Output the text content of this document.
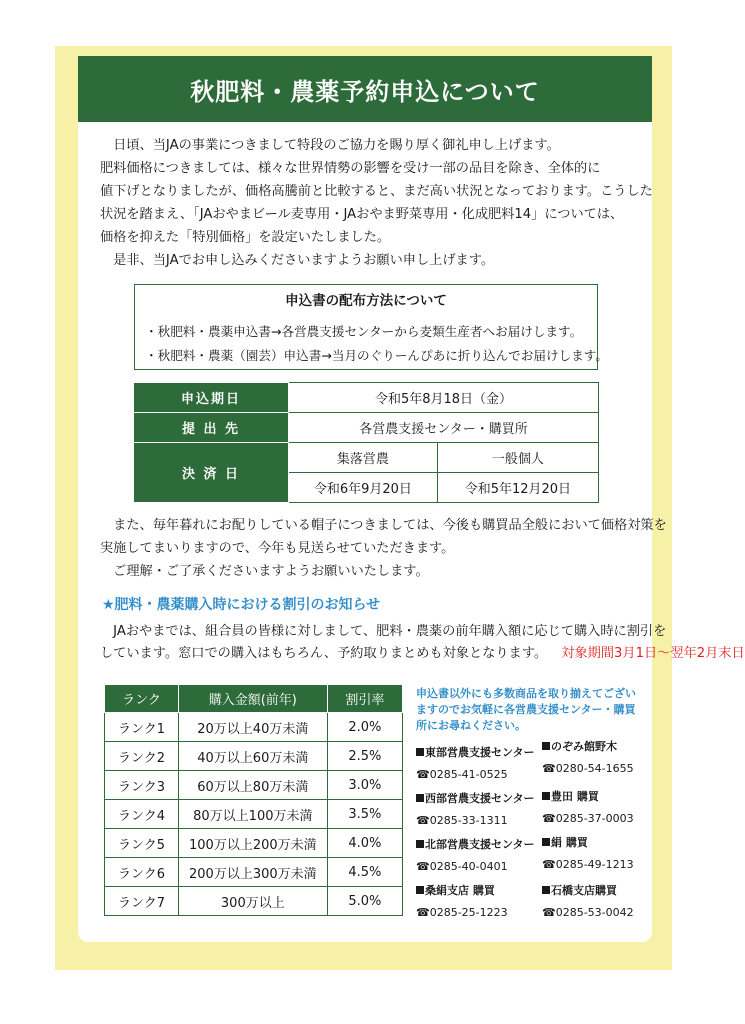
秋肥料・農薬予約申込について
　日頃、当JAの事業につきまして特段のご協力を賜り厚く御礼申し上げます。
肥料価格につきましては、様々な世界情勢の影響を受け一部の品目を除き、全体的に
値下げとなりましたが、価格高騰前と比較すると、まだ高い状況となっております。こうした
状況を踏まえ、「JAおやまビール麦専用・JAおやま野菜専用・化成肥料14」については、
価格を抑えた「特別価格」を設定いたしました。
　是非、当JAでお申し込みくださいますようお願い申し上げます。
申込書の配布方法について
・秋肥料・農薬申込書→各営農支援センターから麦類生産者へお届けします。
・秋肥料・農薬（園芸）申込書→当月のぐりーんぴあに折り込んでお届けします。
申込期日	令和5年8月18日（金）	
提 出 先	各営農支援センター・購買所	
決 済 日	集落営農	一般個人
	令和6年9月20日	令和5年12月20日
　また、毎年暮れにお配りしている帽子につきましては、今後も購買品全般において価格対策を
実施してまいりますので、今年も見送らせていただきます。
　ご理解・ご了承くださいますようお願いいたします。
★肥料・農薬購入時における割引のお知らせ
　JAおやまでは、組合員の皆様に対しまして、肥料・農薬の前年購入額に応じて購入時に割引を
しています。窓口での購入はもちろん、予約取りまとめも対象となります。 対象期間3月1日～翌年2月末日
ランク	購入金額(前年)	割引率
ランク1	20万以上40万未満	2.0%
ランク2	40万以上60万未満	2.5%
ランク3	60万以上80万未満	3.0%
ランク4	80万以上100万未満	3.5%
ランク5	100万以上200万未満	4.0%
ランク6	200万以上300万未満	4.5%
ランク7	300万以上	5.0%
申込書以外にも多数商品を取り揃えてございますのでお気軽に各営農支援センター・購買所にお尋ねください。
東部営農支援センター
☎0285-41-0525
のぞみ館野木
☎0280-54-1655
西部営農支援センター
☎0285-33-1311
豊田 購買
☎0285-37-0003
北部営農支援センター
☎0285-40-0401
絹 購買
☎0285-49-1213
桑絹支店 購買
☎0285-25-1223
石橋支店購買
☎0285-53-0042
